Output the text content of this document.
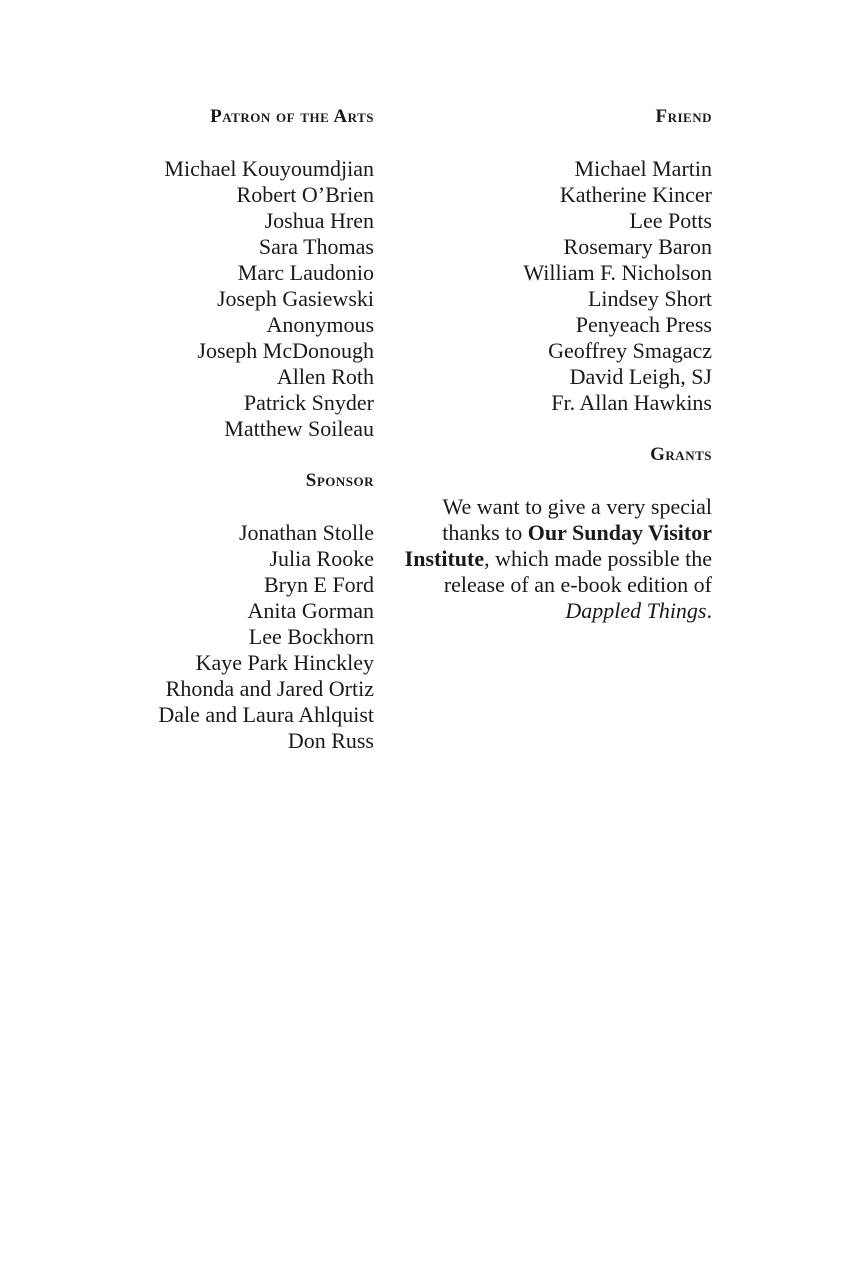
Patron of the Arts
Michael Kouyoumdjian
Robert O’Brien
Joshua Hren
Sara Thomas
Marc Laudonio
Joseph Gasiewski
Anonymous
Joseph McDonough
Allen Roth
Patrick Snyder
Matthew Soileau
Sponsor
Jonathan Stolle
Julia Rooke
Bryn E Ford
Anita Gorman
Lee Bockhorn
Kaye Park Hinckley
Rhonda and Jared Ortiz
Dale and Laura Ahlquist
Don Russ
Friend
Michael Martin
Katherine Kincer
Lee Potts
Rosemary Baron
William F. Nicholson
Lindsey Short
Penyeach Press
Geoffrey Smagacz
David Leigh, SJ
Fr. Allan Hawkins
Grants

We want to give a very special thanks to Our Sunday Visitor Institute, which made possible the release of an e-book edition of Dappled Things.
